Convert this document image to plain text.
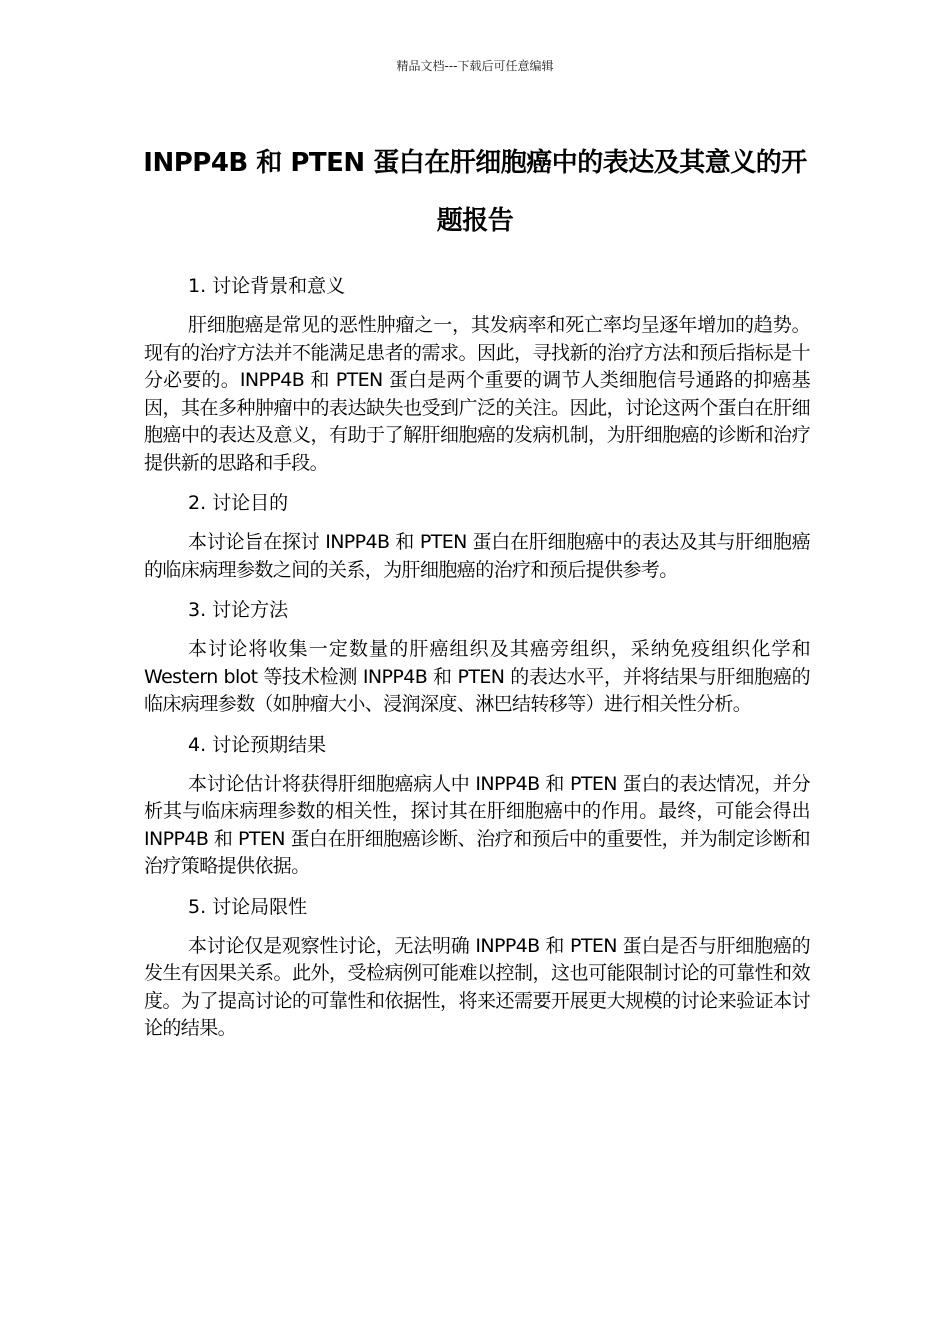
精品文档---下载后可任意编辑
INPP4B 和 PTEN 蛋白在肝细胞癌中的表达及其意义的开题报告
1. 讨论背景和意义

肝细胞癌是常见的恶性肿瘤之一，其发病率和死亡率均呈逐年增加的趋势。现有的治疗方法并不能满足患者的需求。因此，寻找新的治疗方法和预后指标是十分必要的。INPP4B 和 PTEN 蛋白是两个重要的调节人类细胞信号通路的抑癌基因，其在多种肿瘤中的表达缺失也受到广泛的关注。因此，讨论这两个蛋白在肝细胞癌中的表达及意义，有助于了解肝细胞癌的发病机制，为肝细胞癌的诊断和治疗提供新的思路和手段。

2. 讨论目的

本讨论旨在探讨 INPP4B 和 PTEN 蛋白在肝细胞癌中的表达及其与肝细胞癌的临床病理参数之间的关系，为肝细胞癌的治疗和预后提供参考。

3. 讨论方法

本讨论将收集一定数量的肝癌组织及其癌旁组织，采纳免疫组织化学和 Western blot 等技术检测 INPP4B 和 PTEN 的表达水平，并将结果与肝细胞癌的临床病理参数（如肿瘤大小、浸润深度、淋巴结转移等）进行相关性分析。

4. 讨论预期结果

本讨论估计将获得肝细胞癌病人中 INPP4B 和 PTEN 蛋白的表达情况，并分析其与临床病理参数的相关性，探讨其在肝细胞癌中的作用。最终，可能会得出 INPP4B 和 PTEN 蛋白在肝细胞癌诊断、治疗和预后中的重要性，并为制定诊断和治疗策略提供依据。

5. 讨论局限性

本讨论仅是观察性讨论，无法明确 INPP4B 和 PTEN 蛋白是否与肝细胞癌的发生有因果关系。此外，受检病例可能难以控制，这也可能限制讨论的可靠性和效度。为了提高讨论的可靠性和依据性，将来还需要开展更大规模的讨论来验证本讨论的结果。
